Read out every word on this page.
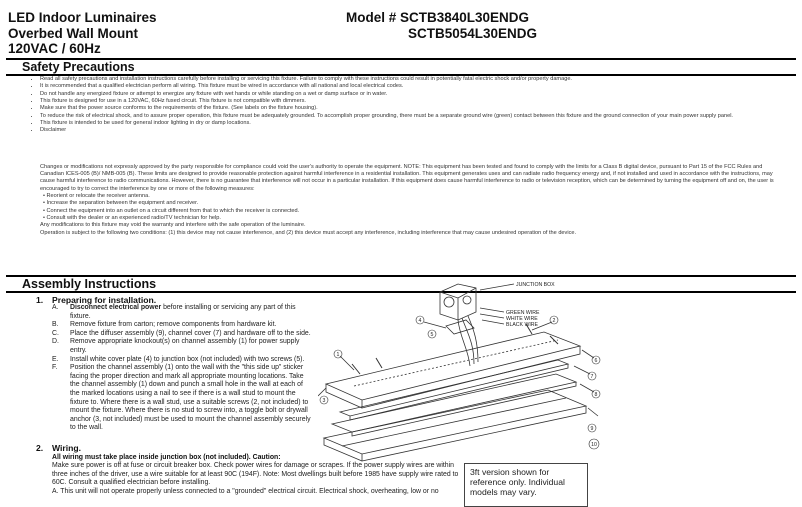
LED Indoor Luminaires
Overbed Wall Mount
120VAC / 60Hz
Model # SCTB3840L30ENDG
SCTB5054L30ENDG
Safety Precautions
• Read all safety precautions and installation instructions carefully before installing or servicing this fixture. Failure to comply with these instructions could result in potentially fatal electric shock and/or property damage.
• It is recommended that a qualified electrician perform all wiring. This fixture must be wired in accordance with all national and local electrical codes.
• Do not handle any energized fixture or attempt to energize any fixture with wet hands or while standing on a wet or damp surface or in water.
• This fixture is designed for use in a 120VAC, 60Hz fused circuit. This fixture is not compatible with dimmers.
• Make sure that the power source conforms to the requirements of the fixture. (See labels on the fixture housing).
• To reduce the risk of electrical shock, and to assure proper operation, this fixture must be adequately grounded. To accomplish proper grounding, there must be a separate ground wire (green) contact between this fixture and the ground connection of your main power supply panel.
• This fixture is intended to be used for general indoor lighting in dry or damp locations.
• Disclaimer

Changes or modifications not expressly approved by the party responsible for compliance could void the user's authority to operate the equipment. NOTE: This equipment has been tested and found to comply with the limits for a Class B digital device, pursuant to Part 15 of the FCC Rules and Canadian ICES-005 (B)/ NMB-005 (B). These limits are designed to provide reasonable protection against harmful interference in a residential installation. This equipment generates uses and can radiate radio frequency energy and, if not installed and used in accordance with the instructions, may cause harmful interference to radio communications. However, there is no guarantee that interference will not occur in a particular installation. If this equipment does cause harmful interference to radio or television reception, which can be determined by turning the equipment off and on, the user is encouraged to try to correct the interference by one or more of the following measures:

• Reorient or relocate the receiver antenna.

• Increase the separation between the equipment and receiver.

• Connect the equipment into an outlet on a circuit different from that to which the receiver is connected.

• Consult with the dealer or an experienced radio/TV technician for help.

Any modifications to this fixture may void the warranty and interfere with the safe operation of the luminaire.

Operation is subject to the following two conditions: (1) this device may not cause interference, and (2) this device must accept any interference, including interference that may cause undesired operation of the device.

Assembly Instructions
1. Preparing for installation.
A. Disconnect electrical power before installing or servicing any part of this fixture.
B. Remove fixture from carton; remove components from hardware kit.
C. Place the diffuser assembly (9), channel cover (7) and hardware off to the side.
D. Remove appropriate knockout(s) on channel assembly (1) for power supply entry.
E. Install white cover plate (4) to junction box (not included) with two screws (5).
F. Position the channel assembly (1) onto the wall with the "this side up" sticker facing the proper direction and mark all appropriate mounting locations. Take the channel assembly (1) down and punch a small hole in the wall at each of the marked locations using a nail to see if there is a wall stud to mount the fixture to. Where there is a wall stud, use a suitable screws (2, not included) to mount the fixture. Where there is no stud to screw into, a toggle bolt or drywall anchor (3, not included) must be used to mount the channel assembly securely to the wall.
2. Wiring.

All wiring must take place inside junction box (not included). Caution:

Make sure power is off at fuse or circuit breaker box. Check power wires for damage or scrapes. If the power supply wires are within three inches of the driver, use a wire suitable for at least 90C (194F). Note: Most dwellings built before 1985 have supply wire rated to 60C. Consult a qualified electrician before installing.

A. This unit will not operate properly unless connected to a "grounded" electrical circuit. Electrical shock, overheating, low or no

JUNCTION BOX
GREEN WIRE
WHITE WIRE
BLACK WIRE
1
2
3
4
5
6
7
8
9
10
3ft version shown for reference only. Individual models may vary.
